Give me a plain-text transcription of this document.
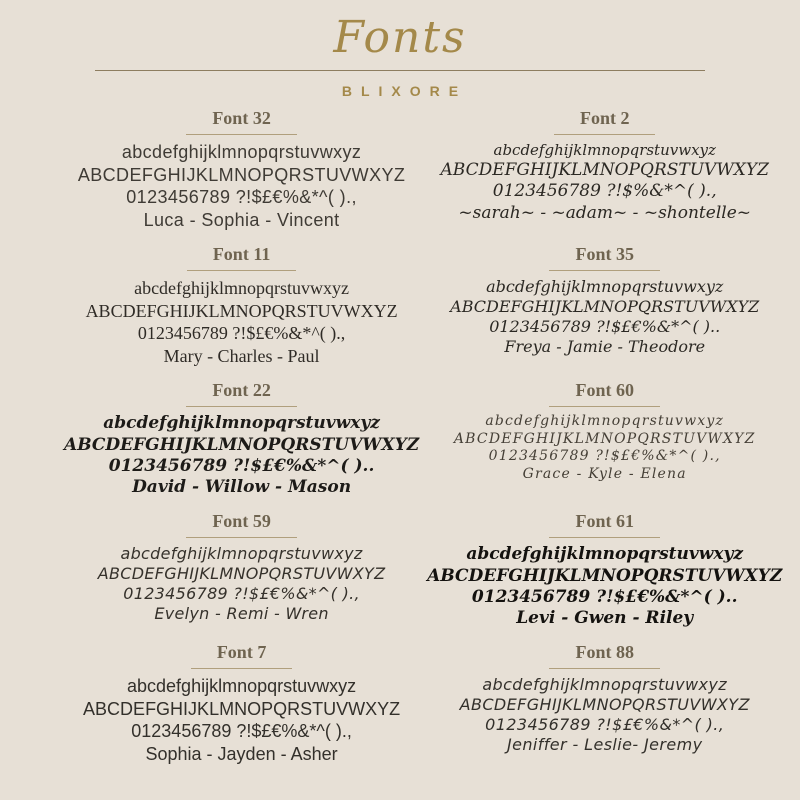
Fonts
BLIXORE
Font 32
abcdefghijklmnopqrstuvwxyz
ABCDEFGHIJKLMNOPQRSTUVWXYZ
0123456789 ?!$£€%&*^( ).,
Luca - Sophia - Vincent
Font 2
abcdefghijklmnopqrstuvwxyz
ABCDEFGHIJKLMNOPQRSTUVWXYZ
0123456789 ?!$%&*^( ).,
~sarah~ - ~adam~ - ~shontelle~
Font 11
abcdefghijklmnopqrstuvwxyz
ABCDEFGHIJKLMNOPQRSTUVWXYZ
0123456789 ?!$£€%&*^( ).,
Mary - Charles - Paul
Font 35
abcdefghijklmnopqrstuvwxyz
ABCDEFGHIJKLMNOPQRSTUVWXYZ
0123456789 ?!$£€%&*^( )..
Freya - Jamie - Theodore
Font 22
abcdefghijklmnopqrstuvwxyz
ABCDEFGHIJKLMNOPQRSTUVWXYZ
0123456789 ?!$£€%&*^( )..
David - Willow - Mason
Font 60
abcdefghijklmnopqrstuvwxyz
ABCDEFGHIJKLMNOPQRSTUVWXYZ
0123456789 ?!$£€%&*^( ).,
Grace - Kyle - Elena
Font 59
abcdefghijklmnopqrstuvwxyz
ABCDEFGHIJKLMNOPQRSTUVWXYZ
0123456789 ?!$£€%&*^( ).,
Evelyn - Remi - Wren
Font 61
abcdefghijklmnopqrstuvwxyz
ABCDEFGHIJKLMNOPQRSTUVWXYZ
0123456789 ?!$£€%&*^( )..
Levi - Gwen - Riley
Font 7
abcdefghijklmnopqrstuvwxyz
ABCDEFGHIJKLMNOPQRSTUVWXYZ
0123456789 ?!$£€%&*^( ).,
Sophia - Jayden - Asher
Font 88
abcdefghijklmnopqrstuvwxyz
ABCDEFGHIJKLMNOPQRSTUVWXYZ
0123456789 ?!$£€%&*^( ).,
Jeniffer - Leslie- Jeremy
